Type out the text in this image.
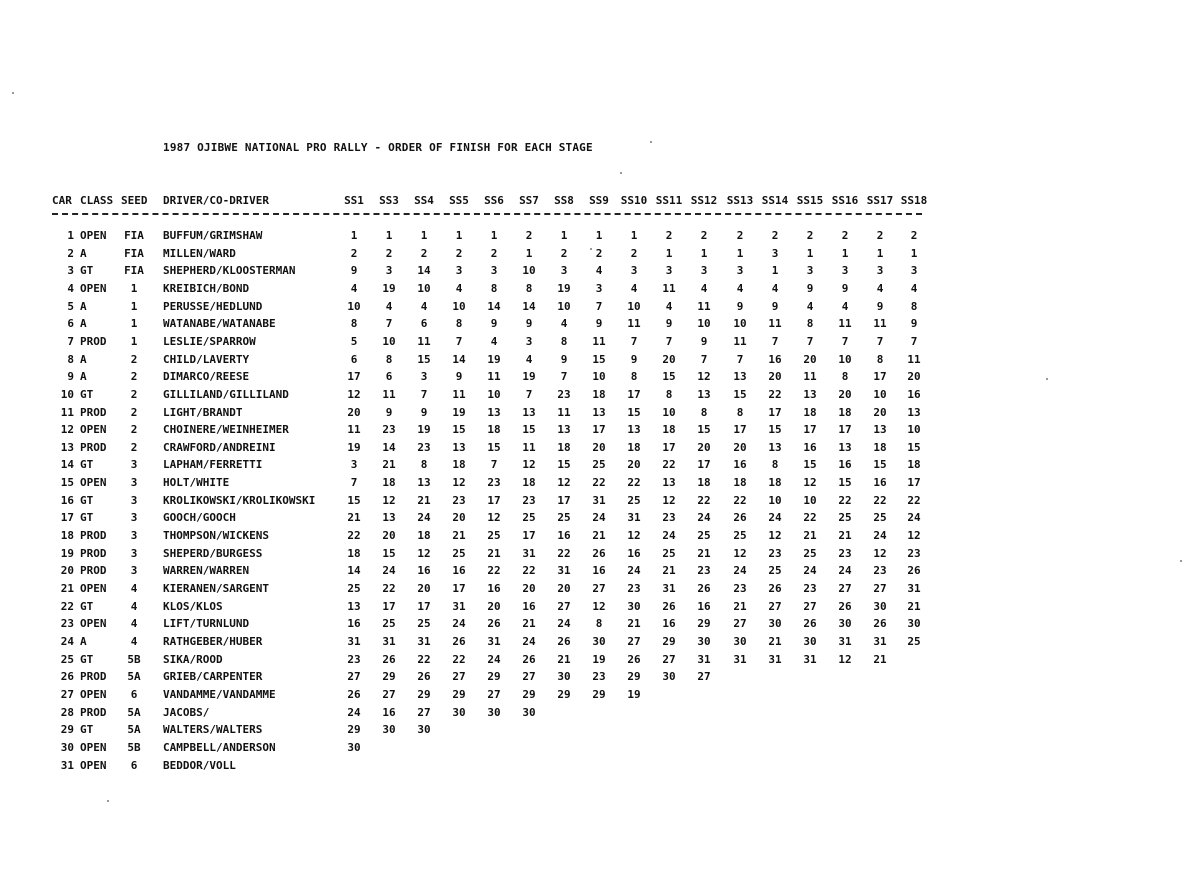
1987 OJIBWE NATIONAL PRO RALLY - ORDER OF FINISH FOR EACH STAGE
CAR CLASS SEED DRIVER/CO-DRIVER	SS1	SS3	SS4	SS5	SS6	SS7	SS8	SS9	SS10 SS11 SS12 SS13 SS14 SS15 SS16 SS17 SS18
1 OPEN FIA BUFFUM/GRIMSHAW	1	1	1	1	1	2	1	1	1	2	2	2	2	2	2	2	2
2 A	FIA MILLEN/WARD	2	2	2	2	2	1	2	2	2	1	1	1	3	1	1	1	1
3 GT	FIA SHEPHERD/KLOOSTERMAN	9	3	14	3	3	10	3	4	3	3	3	3	1	3	3	3	3
4 OPEN	1	KREIBICH/BOND	4	19	10	4	8	8	19	3	4	11	4	4	4	9	9	4	4
5 A	1	PERUSSE/HEDLUND	10	4	4	10	14	14	10	7	10	4	11	9	9	4	4	9	8
6 A	1	WATANABE/WATANABE	8	7	6	8	9	9	4	9	11	9	10	10	11	8	11	11	9
7 PROD	1	LESLIE/SPARROW	5	10	11	7	4	3	8	11	7	7	9	11	7	7	7	7	7
8 A	2	CHILD/LAVERTY	6	8	15	14	19	4	9	15	9	20	7	7	16	20	10	8	11
9 A	2	DIMARCO/REESE	17	6	3	9	11	19	7	10	8	15	12	13	20	11	8	17	20
10 GT	2	GILLILAND/GILLILAND	12	11	7	11	10	7	23	18	17	8	13	15	22	13	20	10	16
11 PROD	2	LIGHT/BRANDT	20	9	9	19	13	13	11	13	15	10	8	8	17	18	18	20	13
12 OPEN	2	CHOINERE/WEINHEIMER	11	23	19	15	18	15	13	17	13	18	15	17	15	17	17	13	10
13 PROD	2	CRAWFORD/ANDREINI	19	14	23	13	15	11	18	20	18	17	20	20	13	16	13	18	15
14 GT	3	LAPHAM/FERRETTI	3	21	8	18	7	12	15	25	20	22	17	16	8	15	16	15	18
15 OPEN	3	HOLT/WHITE	7	18	13	12	23	18	12	22	22	13	18	18	18	12	15	16	17
16 GT	3	KROLIKOWSKI/KROLIKOWSKI	15	12	21	23	17	23	17	31	25	12	22	22	10	10	22	22	22
17 GT	3	GOOCH/GOOCH	21	13	24	20	12	25	25	24	31	23	24	26	24	22	25	25	24
18 PROD	3	THOMPSON/WICKENS	22	20	18	21	25	17	16	21	12	24	25	25	12	21	21	24	12
19 PROD	3	SHEPERD/BURGESS	18	15	12	25	21	31	22	26	16	25	21	12	23	25	23	12	23
20 PROD	3	WARREN/WARREN	14	24	16	16	22	22	31	16	24	21	23	24	25	24	24	23	26
21 OPEN	4	KIERANEN/SARGENT	25	22	20	17	16	20	20	27	23	31	26	23	26	23	27	27	31
22 GT	4	KLOS/KLOS	13	17	17	31	20	16	27	12	30	26	16	21	27	27	26	30	21
23 OPEN	4	LIFT/TURNLUND	16	25	25	24	26	21	24	8	21	16	29	27	30	26	30	26	30
24 A	4	RATHGEBER/HUBER	31	31	31	26	31	24	26	30	27	29	30	30	21	30	31	31	25
25 GT	5B	SIKA/ROOD	23	26	22	22	24	26	21	19	26	27	31	31	31	31	12	21
26 PROD	5A	GRIEB/CARPENTER	27	29	26	27	29	27	30	23	29	30	27
27 OPEN	6	VANDAMME/VANDAMME	26	27	29	29	27	29	29	29	19
28 PROD	5A	JACOBS/	24	16	27	30	30	30
29 GT	5A	WALTERS/WALTERS	29	30	30
30 OPEN	5B	CAMPBELL/ANDERSON	30
31 OPEN	6	BEDDOR/VOLL
